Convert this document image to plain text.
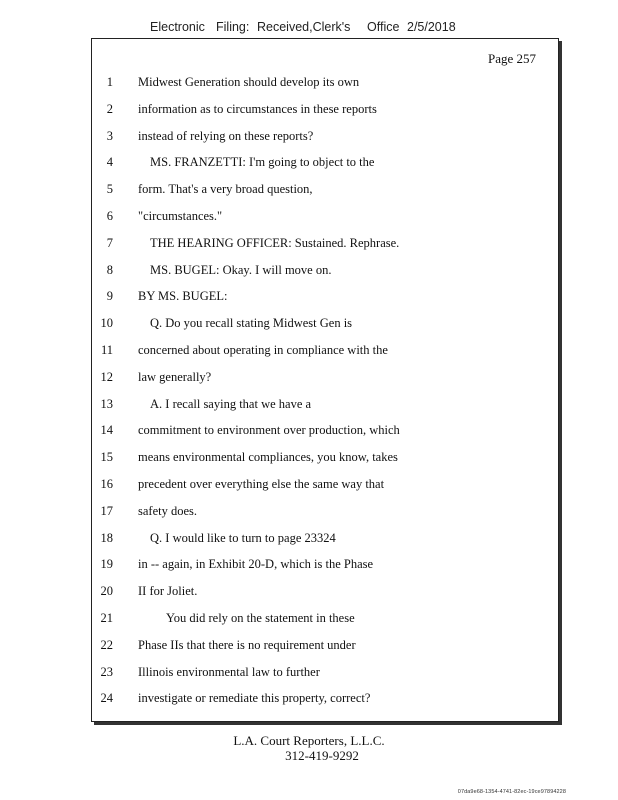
Electronic Filing: Received,Clerk's Office 2/5/2018
Page 257
1 Midwest Generation should develop its own
2 information as to circumstances in these reports
3 instead of relying on these reports?
4	MS. FRANZETTI: I'm going to object to the
5 form. That's a very broad question,
6 "circumstances."
7	THE HEARING OFFICER: Sustained. Rephrase.
8	MS. BUGEL: Okay. I will move on.
9 BY MS. BUGEL:
10	Q. Do you recall stating Midwest Gen is
11 concerned about operating in compliance with the
12 law generally?
13	A. I recall saying that we have a
14 commitment to environment over production, which
15 means environmental compliances, you know, takes
16 precedent over everything else the same way that
17 safety does.
18	Q. I would like to turn to page 23324
19 in -- again, in Exhibit 20-D, which is the Phase
20 II for Joliet.
21	You did rely on the statement in these
22 Phase IIs that there is no requirement under
23 Illinois environmental law to further
24 investigate or remediate this property, correct?
L.A. Court Reporters, L.L.C.
312-419-9292
07da9e68-1354-4741-82ec-19ce97894228
